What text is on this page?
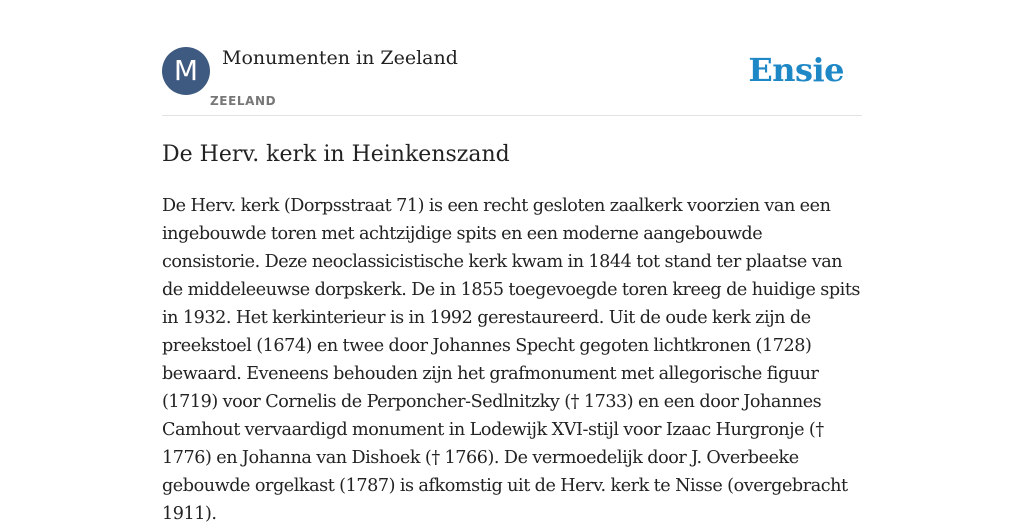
M	Monumenten in Zeeland
ZEELAND
Ensie
De Herv. kerk in Heinkenszand
De Herv. kerk (Dorpsstraat 71) is een recht gesloten zaalkerk voorzien van een
ingebouwde toren met achtzijdige spits en een moderne aangebouwde
consistorie. Deze neoclassicistische kerk kwam in 1844 tot stand ter plaatse van
de middeleeuwse dorpskerk. De in 1855 toegevoegde toren kreeg de huidige spits
in 1932. Het kerkinterieur is in 1992 gerestaureerd. Uit de oude kerk zijn de
preekstoel (1674) en twee door Johannes Specht gegoten lichtkronen (1728)
bewaard. Eveneens behouden zijn het grafmonument met allegorische figuur
(1719) voor Cornelis de Perponcher-Sedlnitzky († 1733) en een door Johannes
Camhout vervaardigd monument in Lodewijk XVI-stijl voor Izaac Hurgronje (†
1776) en Johanna van Dishoek († 1766). De vermoedelijk door J. Overbeeke
gebouwde orgelkast (1787) is afkomstig uit de Herv. kerk te Nisse (overgebracht
1911).
